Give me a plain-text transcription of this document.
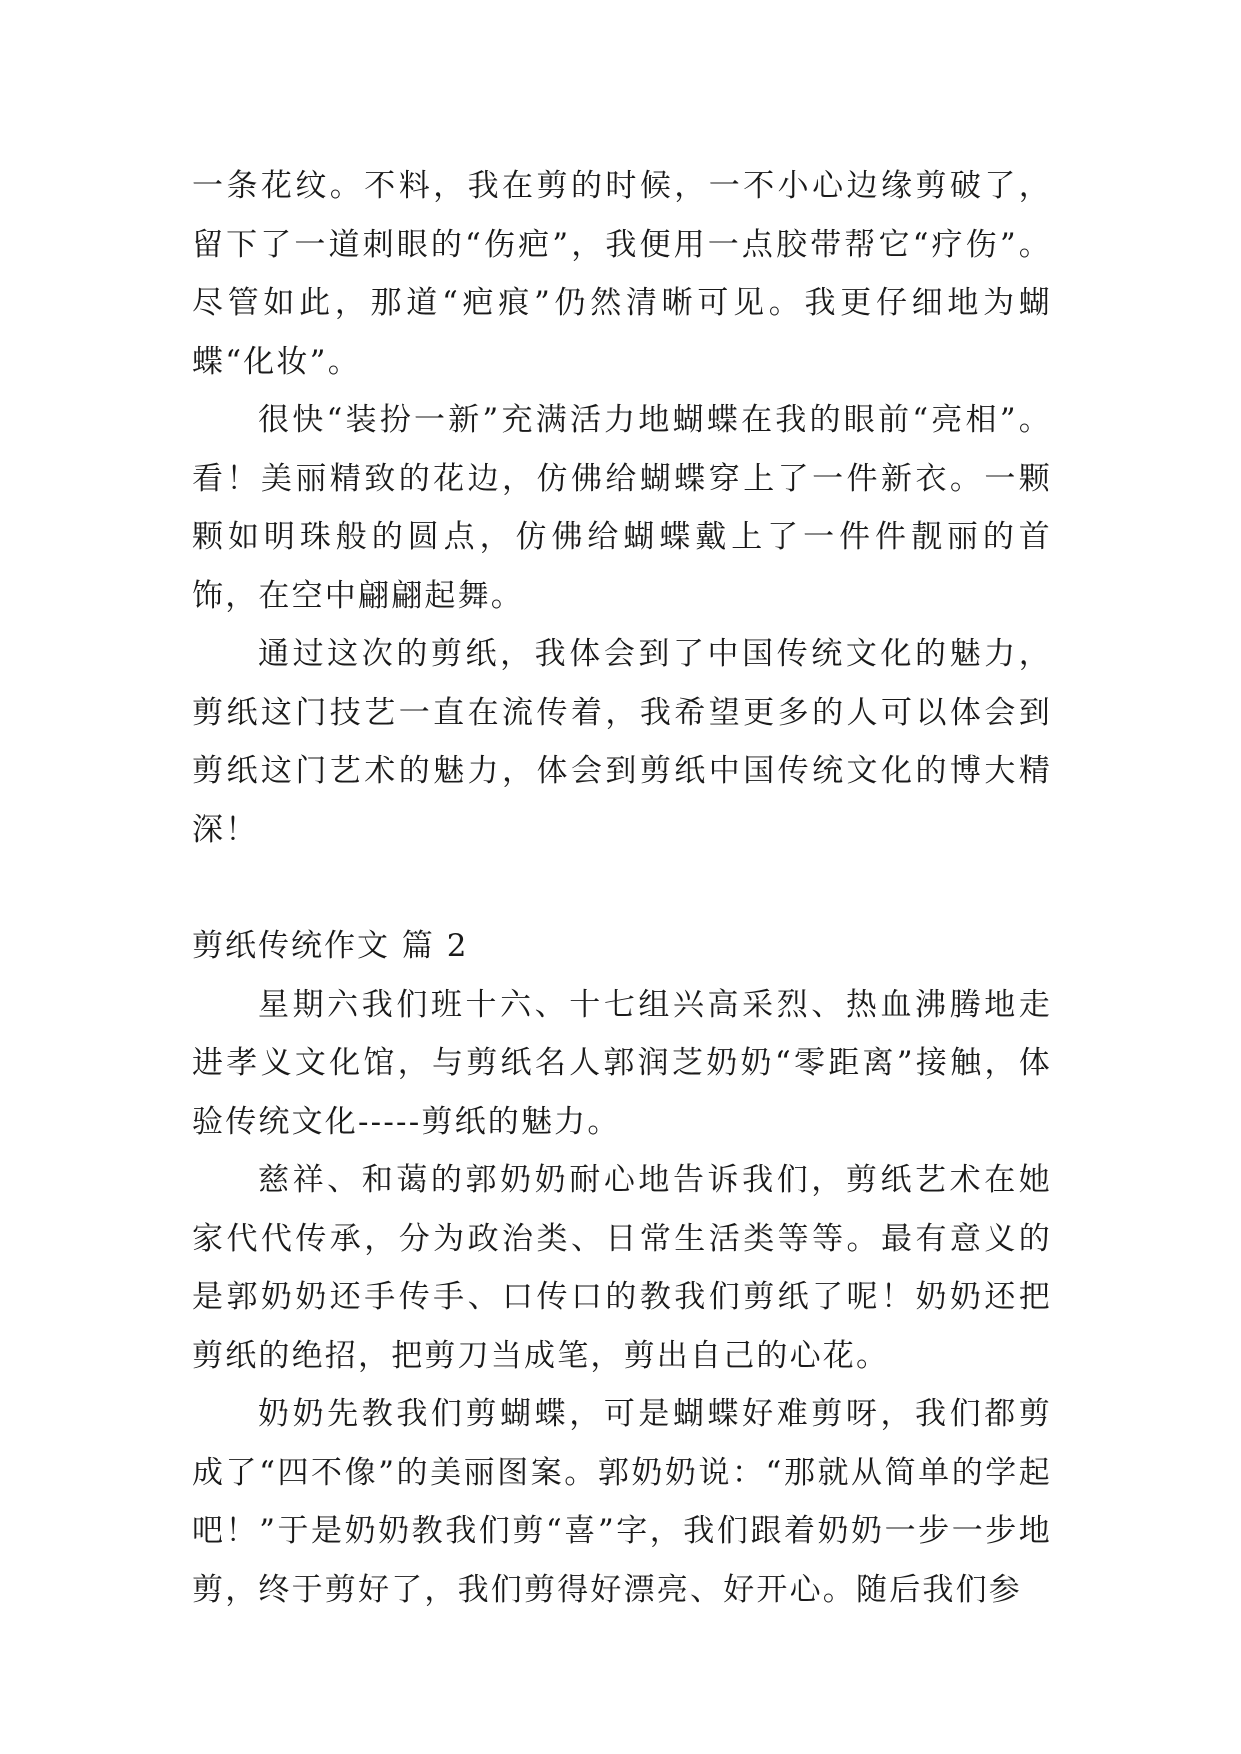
一条花纹。不料，我在剪的时候，一不小心边缘剪破了，留下了一道刺眼的“伤疤”，我便用一点胶带帮它“疗伤”。尽管如此，那道“疤痕”仍然清晰可见。我更仔细地为蝴蝶“化妆”。

很快“装扮一新”充满活力地蝴蝶在我的眼前“亮相”。看！美丽精致的花边，仿佛给蝴蝶穿上了一件新衣。一颗颗如明珠般的圆点，仿佛给蝴蝶戴上了一件件靓丽的首饰，在空中翩翩起舞。

通过这次的剪纸，我体会到了中国传统文化的魅力，剪纸这门技艺一直在流传着，我希望更多的人可以体会到剪纸这门艺术的魅力，体会到剪纸中国传统文化的博大精深！

剪纸传统作文 篇 2

星期六我们班十六、十七组兴高采烈、热血沸腾地走进孝义文化馆，与剪纸名人郭润芝奶奶“零距离”接触，体验传统文化-----剪纸的魅力。

慈祥、和蔼的郭奶奶耐心地告诉我们，剪纸艺术在她家代代传承，分为政治类、日常生活类等等。最有意义的是郭奶奶还手传手、口传口的教我们剪纸了呢！奶奶还把剪纸的绝招，把剪刀当成笔，剪出自己的心花。

奶奶先教我们剪蝴蝶，可是蝴蝶好难剪呀，我们都剪成了“四不像”的美丽图案。郭奶奶说：“那就从简单的学起吧！”于是奶奶教我们剪“喜”字，我们跟着奶奶一步一步地剪，终于剪好了，我们剪得好漂亮、好开心。随后我们参
